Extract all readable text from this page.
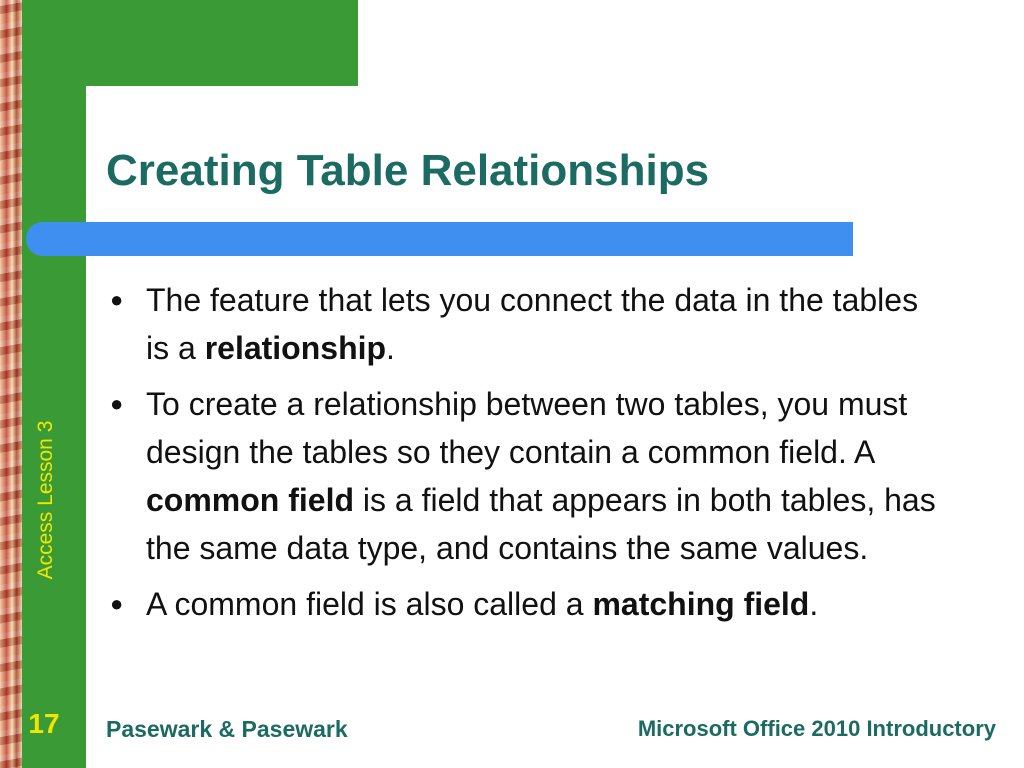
Access Lesson 3
Creating Table Relationships
● The feature that lets you connect the data in the tables is a relationship.
● To create a relationship between two tables, you must design the tables so they contain a common field. A common field is a field that appears in both tables, has the same data type, and contains the same values.
● A common field is also called a matching field.
17 Pasewark & Pasewark	Microsoft Office 2010 Introductory
